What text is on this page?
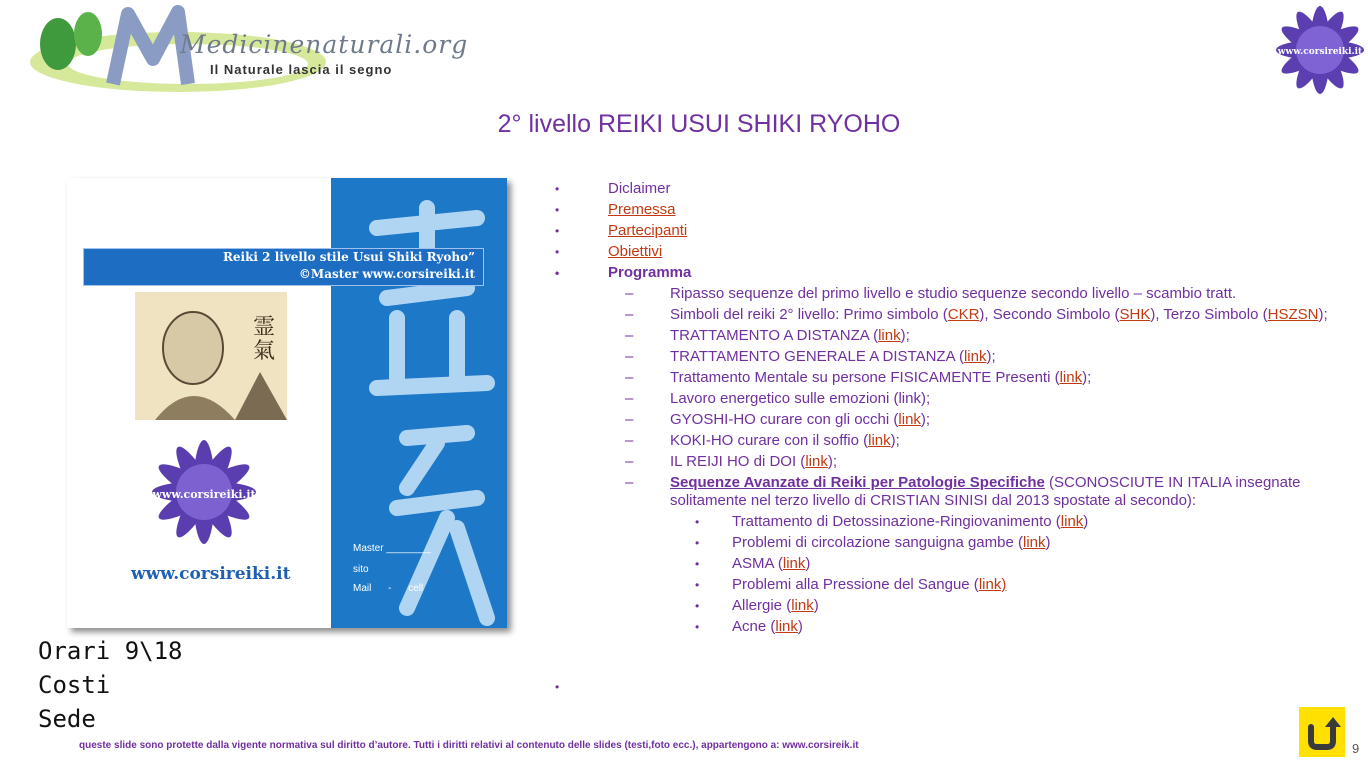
Medicinenaturali.org
Il Naturale lascia il segno
www.corsireiki.it
2° livello REIKI USUI SHIKI RYOHO
Reiki 2 livello stile Usui Shiki Ryoho”
©Master www.corsireiki.it
霊
氣
www.corsireiki.it
www.corsireiki.it
Master ________
sito
Mail - cell
Orari 9\18
Costi
Sede
• Diclaimer
• Premessa
• Partecipanti
• Obiettivi
• Programma
– Ripasso sequenze del primo livello e studio sequenze secondo livello – scambio tratt.
– Simboli del reiki 2° livello: Primo simbolo (CKR), Secondo Simbolo (SHK), Terzo Simbolo (HSZSN);
– TRATTAMENTO A DISTANZA (link);
– TRATTAMENTO GENERALE A DISTANZA (link);
– Trattamento Mentale su persone FISICAMENTE Presenti (link);
– Lavoro energetico sulle emozioni (link);
– GYOSHI-HO curare con gli occhi (link);
– KOKI-HO curare con il soffio (link);
– IL REIJI HO di DOI (link);
– Sequenze Avanzate di Reiki per Patologie Specifiche (SCONOSCIUTE IN ITALIA insegnate solitamente nel terzo livello di CRISTIAN SINISI dal 2013 spostate al secondo):
• Trattamento di Detossinazione-Ringiovanimento (link)
• Problemi di circolazione sanguigna gambe (link)
• ASMA (link)
• Problemi alla Pressione del Sangue (link)
• Allergie (link)
• Acne (link)
•
queste slide sono protette dalla vigente normativa sul diritto d’autore. Tutti i diritti relativi al contenuto delle slides (testi,foto ecc.), appartengono a: www.corsireik.it	9
